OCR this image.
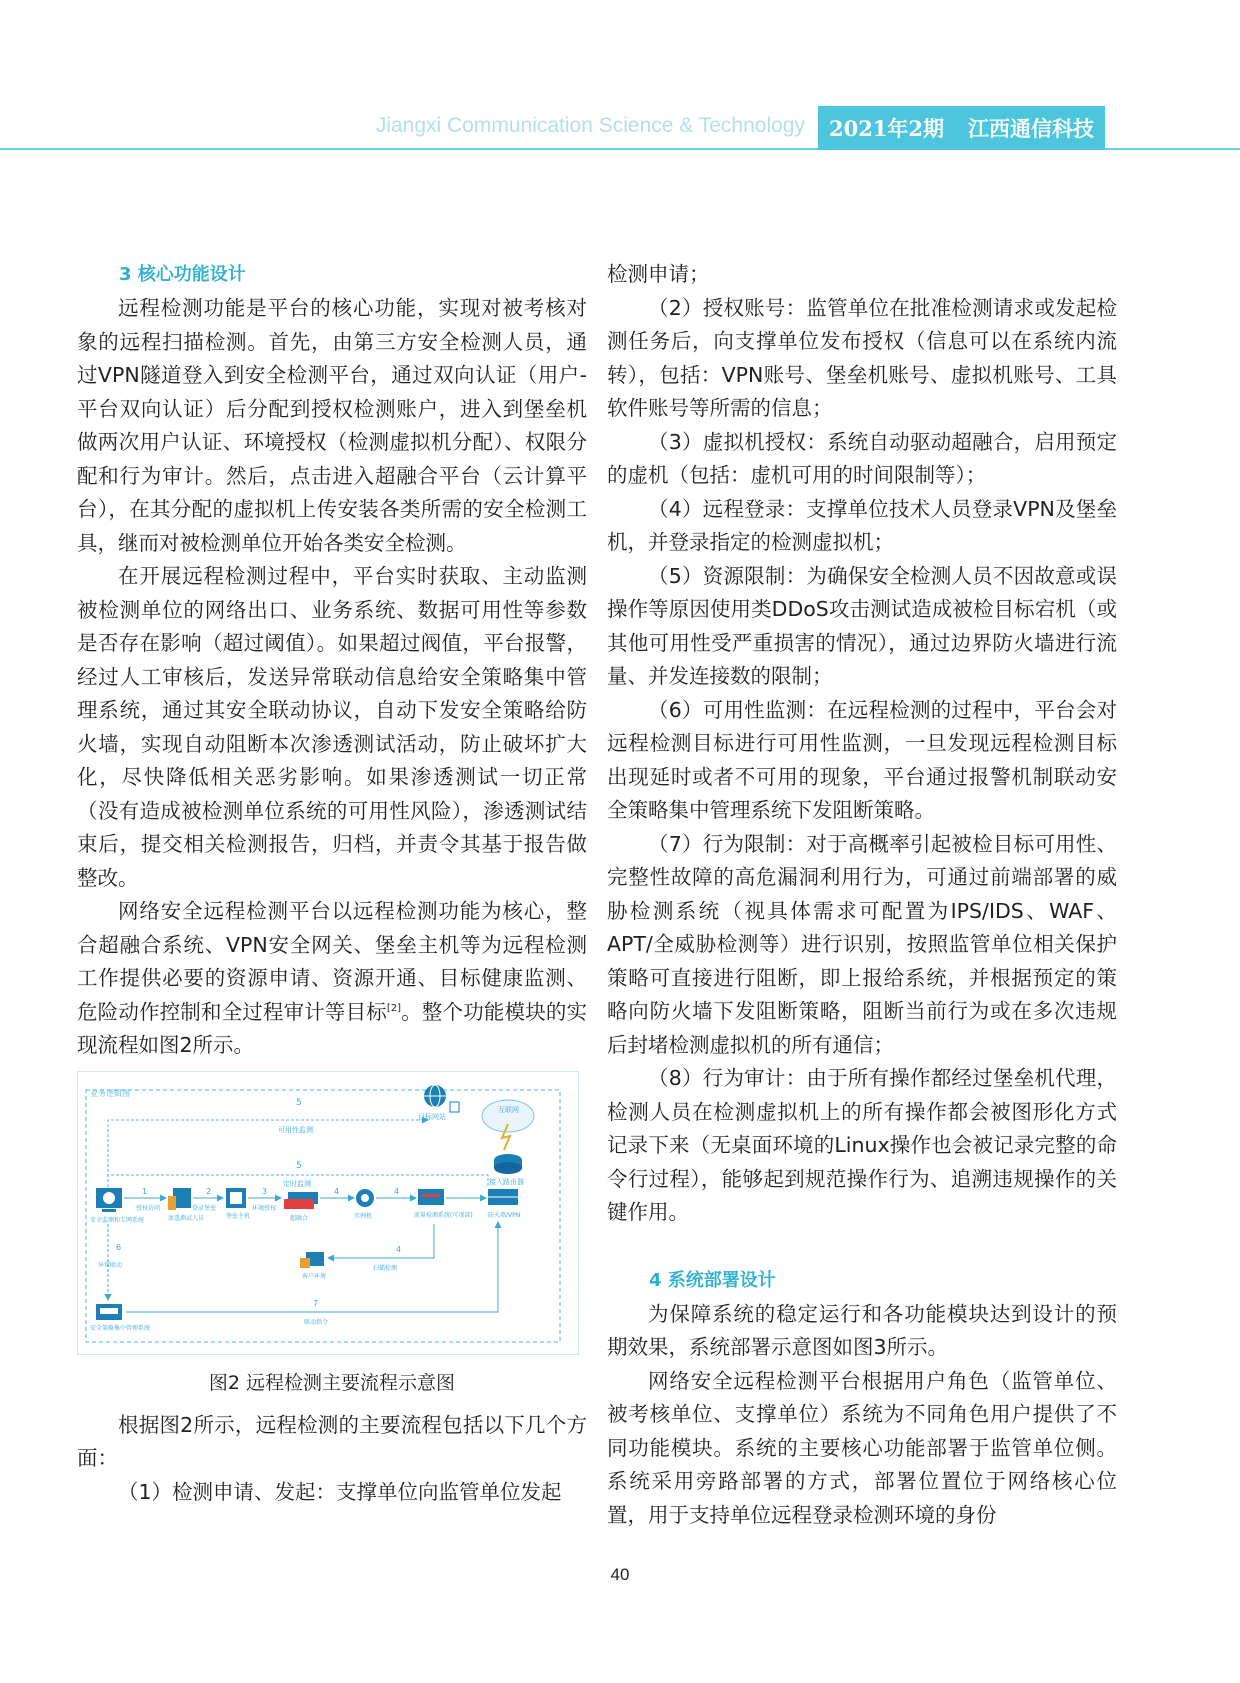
Jiangxi Communication Science & Technology 2021年2期 江西通信科技
3 核心功能设计

远程检测功能是平台的核心功能，实现对被考核对象的远程扫描检测。首先，由第三方安全检测人员，通过VPN隧道登入到安全检测平台，通过双向认证（用户-平台双向认证）后分配到授权检测账户，进入到堡垒机做两次用户认证、环境授权（检测虚拟机分配）、权限分配和行为审计。然后，点击进入超融合平台（云计算平台），在其分配的虚拟机上传安装各类所需的安全检测工具，继而对被检测单位开始各类安全检测。

在开展远程检测过程中，平台实时获取、主动监测被检测单位的网络出口、业务系统、数据可用性等参数是否存在影响（超过阈值）。如果超过阀值，平台报警，经过人工审核后，发送异常联动信息给安全策略集中管理系统，通过其安全联动协议，自动下发安全策略给防火墙，实现自动阻断本次渗透测试活动，防止破坏扩大化，尽快降低相关恶劣影响。如果渗透测试一切正常（没有造成被检测单位系统的可用性风险），渗透测试结束后，提交相关检测报告，归档，并责令其基于报告做整改。

网络安全远程检测平台以远程检测功能为核心，整合超融合系统、VPN安全网关、堡垒主机等为远程检测工作提供必要的资源申请、资源开通、目标健康监测、危险动作控制和全过程审计等目标[2]。整个功能模块的实现流程如图2所示。

业务逻辑图
5
可用性监测
5
定时监测
目标网站
互联网
接入路由器
安全监测和专网系统	渗透测试人员	堡垒主机	超融合	实例机	流量检测系统(可视部)	防火墙/VPN
1
授权访问
2
登录堡垒
3
环境授权
4	4
6
异常联动
客户环境
4
扫描检测
安全策略集中管理系统
7
联动指令
图2 远程检测主要流程示意图

根据图2所示，远程检测的主要流程包括以下几个方面：

（1）检测申请、发起：支撑单位向监管单位发起

检测申请；

（2）授权账号：监管单位在批准检测请求或发起检测任务后，向支撑单位发布授权（信息可以在系统内流转），包括：VPN账号、堡垒机账号、虚拟机账号、工具软件账号等所需的信息；

（3）虚拟机授权：系统自动驱动超融合，启用预定的虚机（包括：虚机可用的时间限制等）；

（4）远程登录：支撑单位技术人员登录VPN及堡垒机，并登录指定的检测虚拟机；

（5）资源限制：为确保安全检测人员不因故意或误操作等原因使用类DDoS攻击测试造成被检目标宕机（或其他可用性受严重损害的情况），通过边界防火墙进行流量、并发连接数的限制；

（6）可用性监测：在远程检测的过程中，平台会对远程检测目标进行可用性监测，一旦发现远程检测目标出现延时或者不可用的现象，平台通过报警机制联动安全策略集中管理系统下发阻断策略。

（7）行为限制：对于高概率引起被检目标可用性、完整性故障的高危漏洞利用行为，可通过前端部署的威胁检测系统（视具体需求可配置为IPS/IDS、WAF、APT/全威胁检测等）进行识别，按照监管单位相关保护策略可直接进行阻断，即上报给系统，并根据预定的策略向防火墙下发阻断策略，阻断当前行为或在多次违规后封堵检测虚拟机的所有通信；

（8）行为审计：由于所有操作都经过堡垒机代理，检测人员在检测虚拟机上的所有操作都会被图形化方式记录下来（无桌面环境的Linux操作也会被记录完整的命令行过程），能够起到规范操作行为、追溯违规操作的关键作用。

4 系统部署设计

为保障系统的稳定运行和各功能模块达到设计的预期效果，系统部署示意图如图3所示。

网络安全远程检测平台根据用户角色（监管单位、被考核单位、支撑单位）系统为不同角色用户提供了不同功能模块。系统的主要核心功能部署于监管单位侧。系统采用旁路部署的方式，部署位置位于网络核心位置，用于支持单位远程登录检测环境的身份

40
